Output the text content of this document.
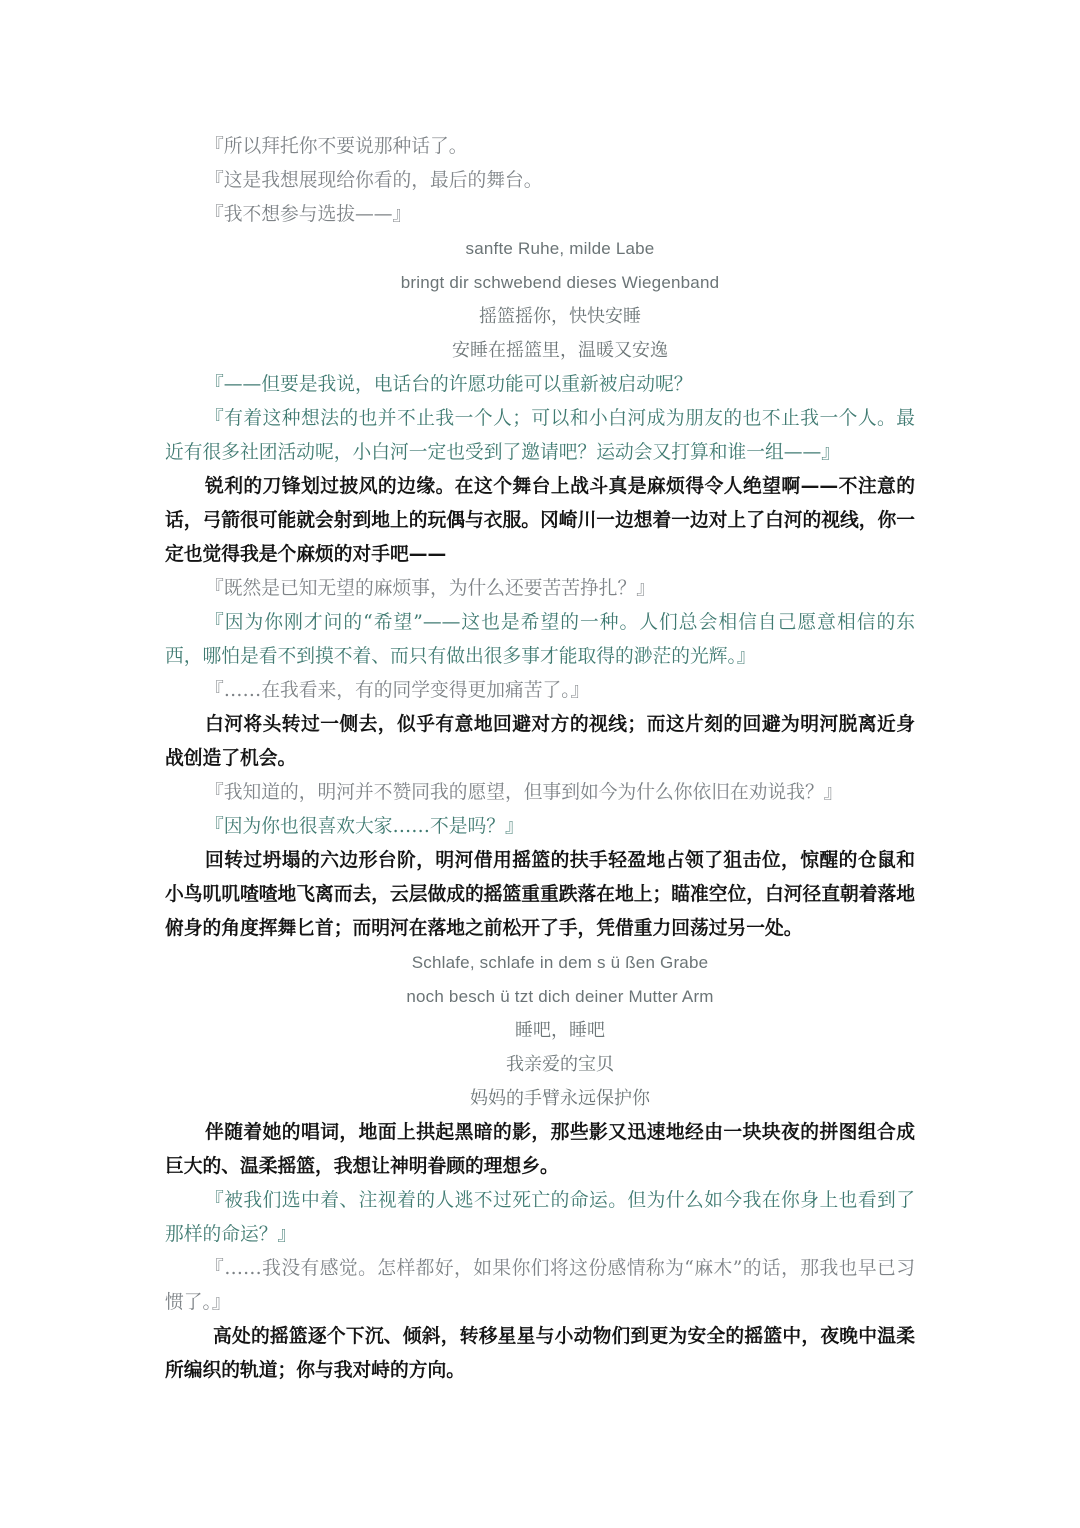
『所以拜托你不要说那种话了。

『这是我想展现给你看的，最后的舞台。

『我不想参与选拔——』

sanfte Ruhe, milde Labe

bringt dir schwebend dieses Wiegenband

摇篮摇你，快快安睡

安睡在摇篮里，温暖又安逸

『——但要是我说，电话台的许愿功能可以重新被启动呢？

『有着这种想法的也并不止我一个人；可以和小白河成为朋友的也不止我一个人。最近有很多社团活动呢，小白河一定也受到了邀请吧？运动会又打算和谁一组——』

锐利的刀锋划过披风的边缘。在这个舞台上战斗真是麻烦得令人绝望啊——不注意的话，弓箭很可能就会射到地上的玩偶与衣服。冈崎川一边想着一边对上了白河的视线，你一定也觉得我是个麻烦的对手吧——

『既然是已知无望的麻烦事，为什么还要苦苦挣扎？』

『因为你刚才问的“希望”——这也是希望的一种。人们总会相信自己愿意相信的东西，哪怕是看不到摸不着、而只有做出很多事才能取得的渺茫的光辉。』

『……在我看来，有的同学变得更加痛苦了。』

白河将头转过一侧去，似乎有意地回避对方的视线；而这片刻的回避为明河脱离近身战创造了机会。

『我知道的，明河并不赞同我的愿望，但事到如今为什么你依旧在劝说我？』

『因为你也很喜欢大家……不是吗？』

回转过坍塌的六边形台阶，明河借用摇篮的扶手轻盈地占领了狙击位，惊醒的仓鼠和小鸟叽叽喳喳地飞离而去，云层做成的摇篮重重跌落在地上；瞄准空位，白河径直朝着落地俯身的角度挥舞匕首；而明河在落地之前松开了手，凭借重力回荡过另一处。

Schlafe, schlafe in dem s ü ßen Grabe

noch besch ü tzt dich deiner Mutter Arm

睡吧，睡吧

我亲爱的宝贝

妈妈的手臂永远保护你

伴随着她的唱词，地面上拱起黑暗的影，那些影又迅速地经由一块块夜的拼图组合成巨大的、温柔摇篮，我想让神明眷顾的理想乡。

『被我们选中着、注视着的人逃不过死亡的命运。但为什么如今我在你身上也看到了那样的命运？』

『……我没有感觉。怎样都好，如果你们将这份感情称为“麻木”的话，那我也早已习惯了。』

高处的摇篮逐个下沉、倾斜，转移星星与小动物们到更为安全的摇篮中，夜晚中温柔所编织的轨道；你与我对峙的方向。
